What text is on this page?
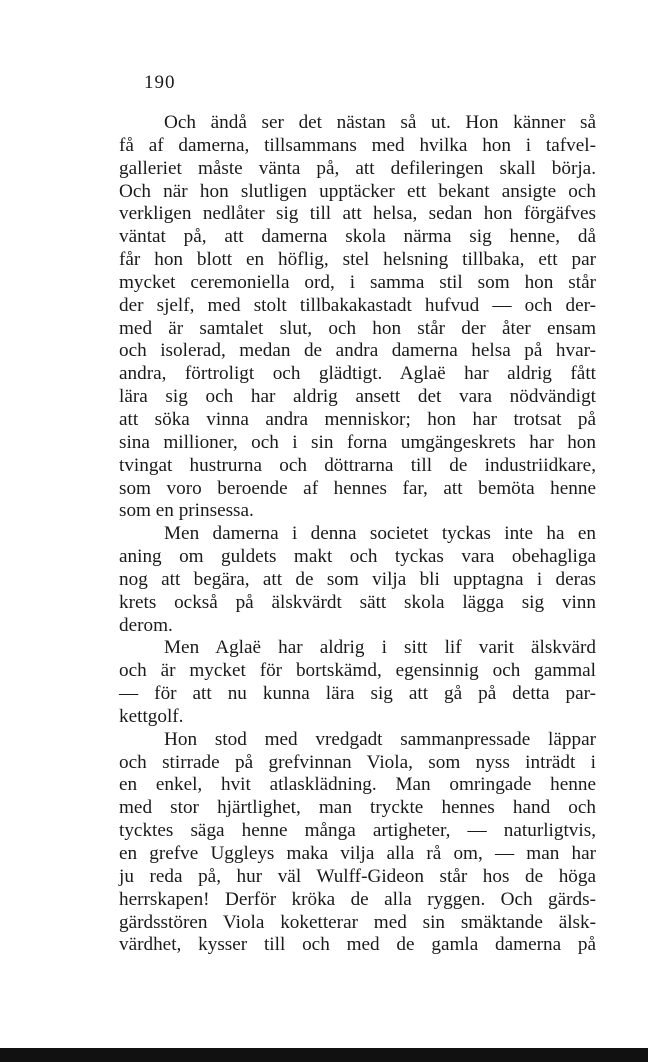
190
Och ändå ser det nästan så ut. Hon känner så
få af damerna, tillsammans med hvilka hon i tafvel-
galleriet måste vänta på, att defileringen skall börja.
Och när hon slutligen upptäcker ett bekant ansigte och
verkligen nedlåter sig till att helsa, sedan hon förgäfves
väntat på, att damerna skola närma sig henne, då
får hon blott en höflig, stel helsning tillbaka, ett par
mycket ceremoniella ord, i samma stil som hon står
der sjelf, med stolt tillbakakastadt hufvud — och der-
med är samtalet slut, och hon står der åter ensam
och isolerad, medan de andra damerna helsa på hvar-
andra, förtroligt och glädtigt. Aglaë har aldrig fått
lära sig och har aldrig ansett det vara nödvändigt
att söka vinna andra menniskor; hon har trotsat på
sina millioner, och i sin forna umgängeskrets har hon
tvingat hustrurna och döttrarna till de industriidkare,
som voro beroende af hennes far, att bemöta henne
som en prinsessa.
Men damerna i denna societet tyckas inte ha en
aning om guldets makt och tyckas vara obehagliga
nog att begära, att de som vilja bli upptagna i deras
krets också på älskvärdt sätt skola lägga sig vinn
derom.
Men Aglaë har aldrig i sitt lif varit älskvärd
och är mycket för bortskämd, egensinnig och gammal
— för att nu kunna lära sig att gå på detta par-
kettgolf.
Hon stod med vredgadt sammanpressade läppar
och stirrade på grefvinnan Viola, som nyss inträdt i
en enkel, hvit atlasklädning. Man omringade henne
med stor hjärtlighet, man tryckte hennes hand och
tycktes säga henne många artigheter, — naturligtvis,
en grefve Uggleys maka vilja alla rå om, — man har
ju reda på, hur väl Wulff-Gideon står hos de höga
herrskapen! Derför kröka de alla ryggen. Och gärds-
gärdsstören Viola koketterar med sin smäktande älsk-
värdhet, kysser till och med de gamla damerna på
